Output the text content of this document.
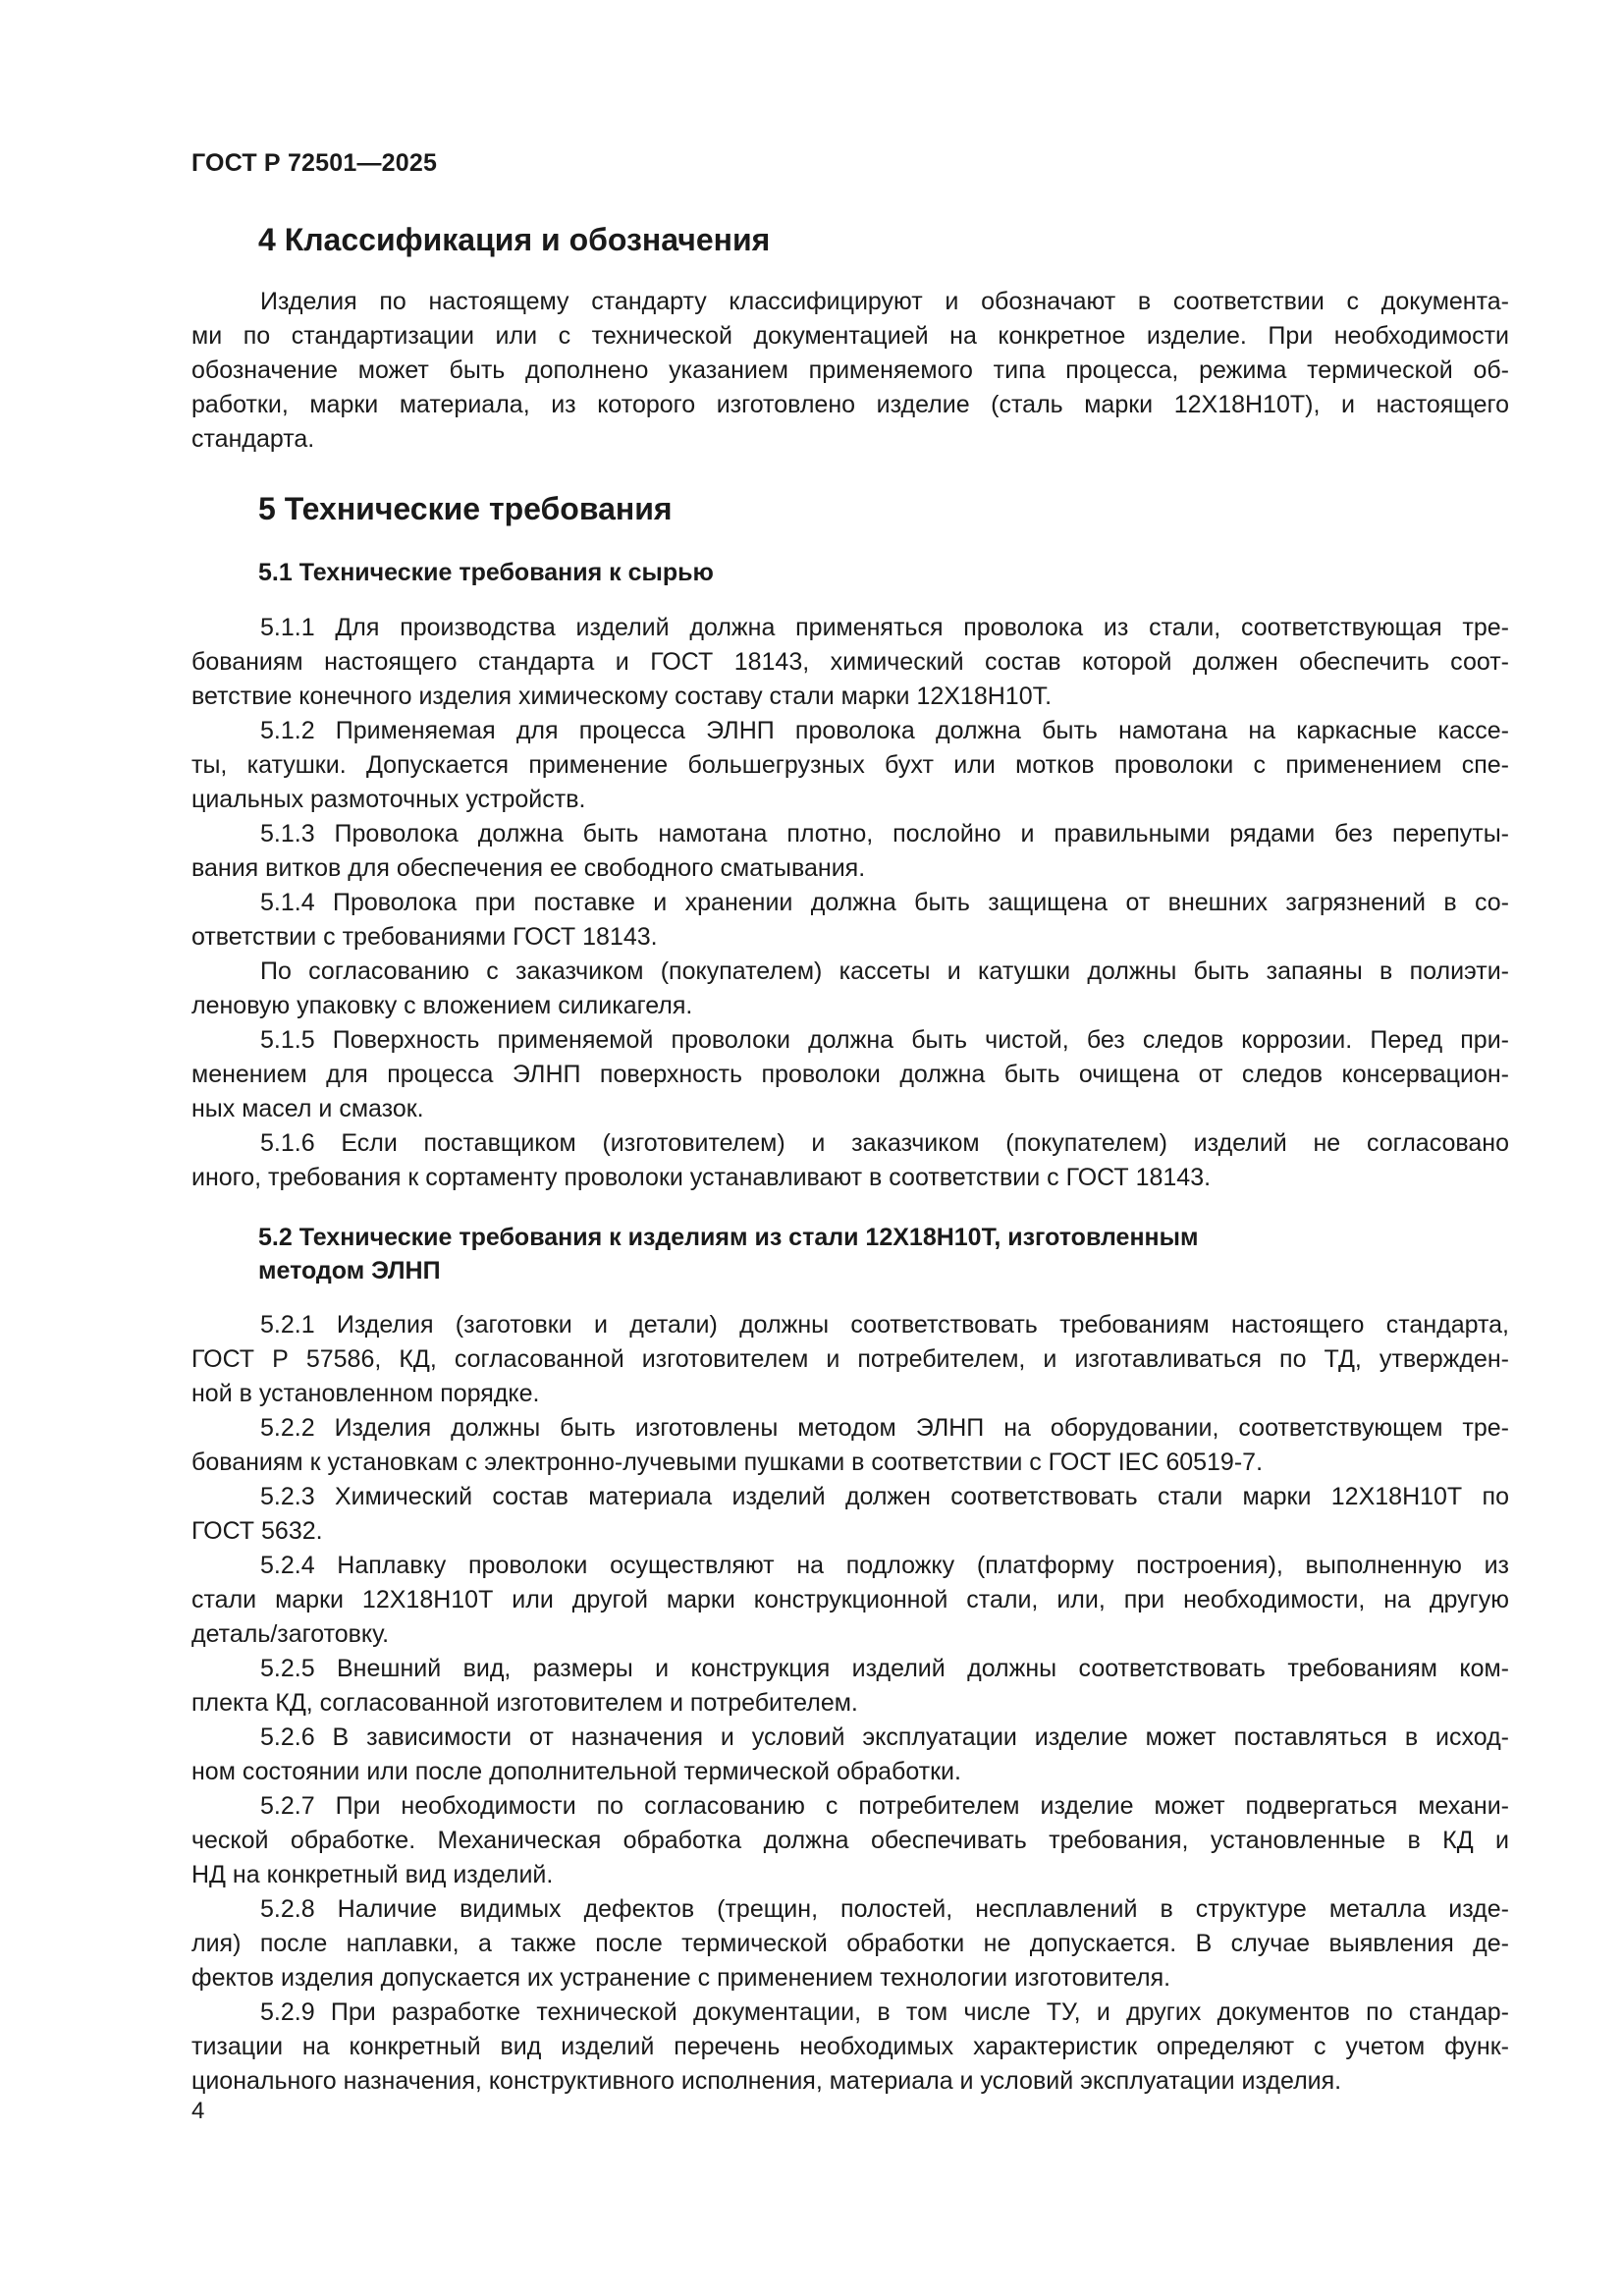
ГОСТ Р 72501—2025
4 Классификация и обозначения
Изделия по настоящему стандарту классифицируют и обозначают в соответствии с документа-
ми по стандартизации или с технической документацией на конкретное изделие. При необходимости
обозначение может быть дополнено указанием применяемого типа процесса, режима термической об-
работки, марки материала, из которого изготовлено изделие (сталь марки 12Х18Н10Т), и настоящего
стандарта.
5 Технические требования
5.1 Технические требования к сырью
5.1.1 Для производства изделий должна применяться проволока из стали, соответствующая тре-
бованиям настоящего стандарта и ГОСТ 18143, химический состав которой должен обеспечить соот-
ветствие конечного изделия химическому составу стали марки 12Х18Н10Т.
5.1.2 Применяемая для процесса ЭЛНП проволока должна быть намотана на каркасные кассе-
ты, катушки. Допускается применение большегрузных бухт или мотков проволоки с применением спе-
циальных размоточных устройств.
5.1.3 Проволока должна быть намотана плотно, послойно и правильными рядами без перепуты-
вания витков для обеспечения ее свободного сматывания.
5.1.4 Проволока при поставке и хранении должна быть защищена от внешних загрязнений в со-
ответствии с требованиями ГОСТ 18143.
По согласованию с заказчиком (покупателем) кассеты и катушки должны быть запаяны в полиэти-
леновую упаковку с вложением силикагеля.
5.1.5 Поверхность применяемой проволоки должна быть чистой, без следов коррозии. Перед при-
менением для процесса ЭЛНП поверхность проволоки должна быть очищена от следов консервацион-
ных масел и смазок.
5.1.6 Если поставщиком (изготовителем) и заказчиком (покупателем) изделий не согласовано
иного, требования к сортаменту проволоки устанавливают в соответствии с ГОСТ 18143.
5.2 Технические требования к изделиям из стали 12Х18Н10Т, изготовленным
методом ЭЛНП
5.2.1 Изделия (заготовки и детали) должны соответствовать требованиям настоящего стандарта,
ГОСТ Р 57586, КД, согласованной изготовителем и потребителем, и изготавливаться по ТД, утвержден-
ной в установленном порядке.
5.2.2 Изделия должны быть изготовлены методом ЭЛНП на оборудовании, соответствующем тре-
бованиям к установкам с электронно-лучевыми пушками в соответствии с ГОСТ IEC 60519-7.
5.2.3 Химический состав материала изделий должен соответствовать стали марки 12Х18Н10Т по
ГОСТ 5632.
5.2.4 Наплавку проволоки осуществляют на подложку (платформу построения), выполненную из
стали марки 12Х18Н10Т или другой марки конструкционной стали, или, при необходимости, на другую
деталь/заготовку.
5.2.5 Внешний вид, размеры и конструкция изделий должны соответствовать требованиям ком-
плекта КД, согласованной изготовителем и потребителем.
5.2.6 В зависимости от назначения и условий эксплуатации изделие может поставляться в исход-
ном состоянии или после дополнительной термической обработки.
5.2.7 При необходимости по согласованию с потребителем изделие может подвергаться механи-
ческой обработке. Механическая обработка должна обеспечивать требования, установленные в КД и
НД на конкретный вид изделий.
5.2.8 Наличие видимых дефектов (трещин, полостей, несплавлений в структуре металла изде-
лия) после наплавки, а также после термической обработки не допускается. В случае выявления де-
фектов изделия допускается их устранение с применением технологии изготовителя.
5.2.9 При разработке технической документации, в том числе ТУ, и других документов по стандар-
тизации на конкретный вид изделий перечень необходимых характеристик определяют с учетом функ-
ционального назначения, конструктивного исполнения, материала и условий эксплуатации изделия.
4
